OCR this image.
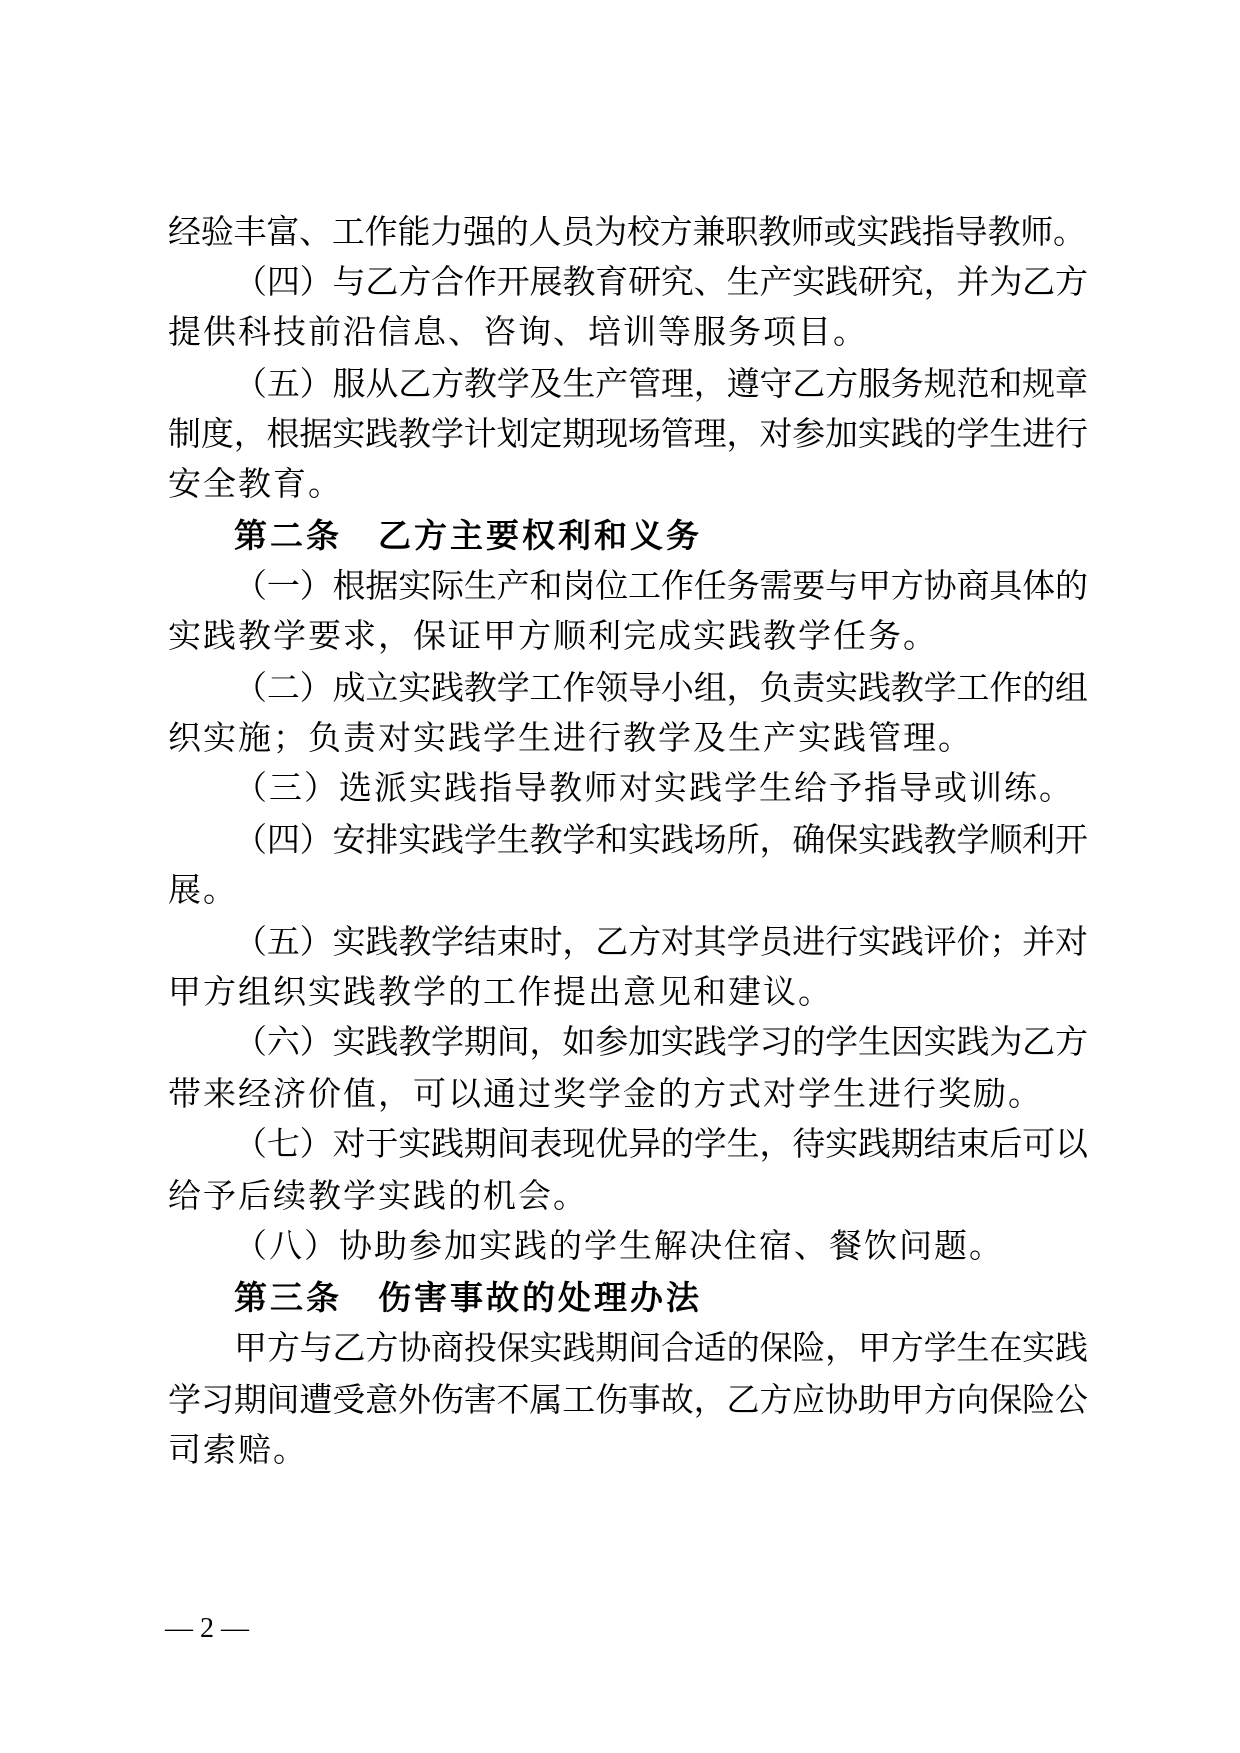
经验丰富、工作能力强的人员为校方兼职教师或实践指导教师。
（四）与乙方合作开展教育研究、生产实践研究，并为乙方
提供科技前沿信息、咨询、培训等服务项目。
（五）服从乙方教学及生产管理，遵守乙方服务规范和规章
制度，根据实践教学计划定期现场管理，对参加实践的学生进行
安全教育。
第二条　乙方主要权利和义务
（一）根据实际生产和岗位工作任务需要与甲方协商具体的
实践教学要求，保证甲方顺利完成实践教学任务。
（二）成立实践教学工作领导小组，负责实践教学工作的组
织实施；负责对实践学生进行教学及生产实践管理。
（三）选派实践指导教师对实践学生给予指导或训练。
（四）安排实践学生教学和实践场所，确保实践教学顺利开
展。
（五）实践教学结束时，乙方对其学员进行实践评价；并对
甲方组织实践教学的工作提出意见和建议。
（六）实践教学期间，如参加实践学习的学生因实践为乙方
带来经济价值，可以通过奖学金的方式对学生进行奖励。
（七）对于实践期间表现优异的学生，待实践期结束后可以
给予后续教学实践的机会。
（八）协助参加实践的学生解决住宿、餐饮问题。
第三条　伤害事故的处理办法
甲方与乙方协商投保实践期间合适的保险，甲方学生在实践
学习期间遭受意外伤害不属工伤事故，乙方应协助甲方向保险公
司索赔。
— 2 —
